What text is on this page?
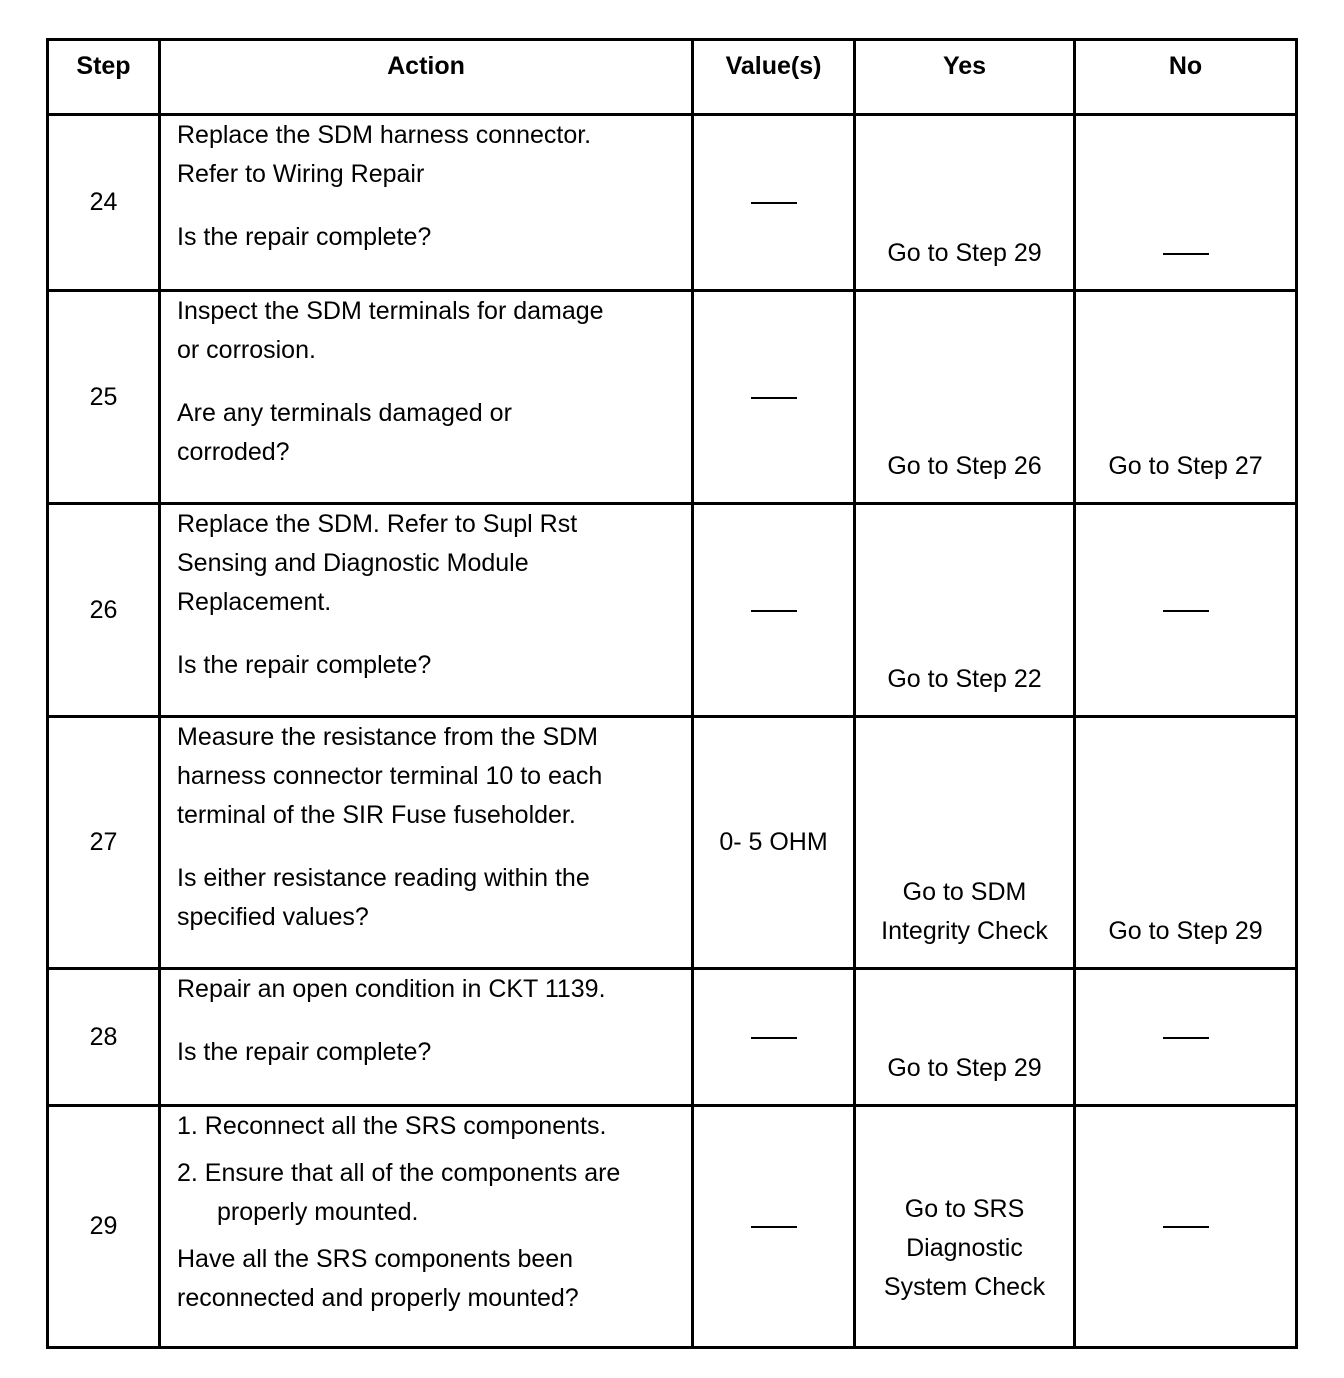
Step	Action	Value(s)	Yes	No
24	Replace the SDM harness connector.
Refer to Wiring Repair
Is the repair complete?		Go to Step 29	

25	Inspect the SDM terminals for damage
or corrosion.
Are any terminals damaged or
corroded?		Go to Step 26	Go to Step 27
26	Replace the SDM. Refer to Supl Rst
Sensing and Diagnostic Module
Replacement.
Is the repair complete?		Go to Step 22	

27	Measure the resistance from the SDM
harness connector terminal 10 to each
terminal of the SIR Fuse fuseholder.
Is either resistance reading within the
specified values?	0- 5 OHM	Go to SDM
Integrity Check	Go to Step 29
28	Repair an open condition in CKT 1139.
Is the repair complete?		Go to Step 29	

29	1. Reconnect all the SRS components.
2. Ensure that all of the components are
properly mounted.
Have all the SRS components been
reconnected and properly mounted?		Go to SRS
Diagnostic
System Check	
